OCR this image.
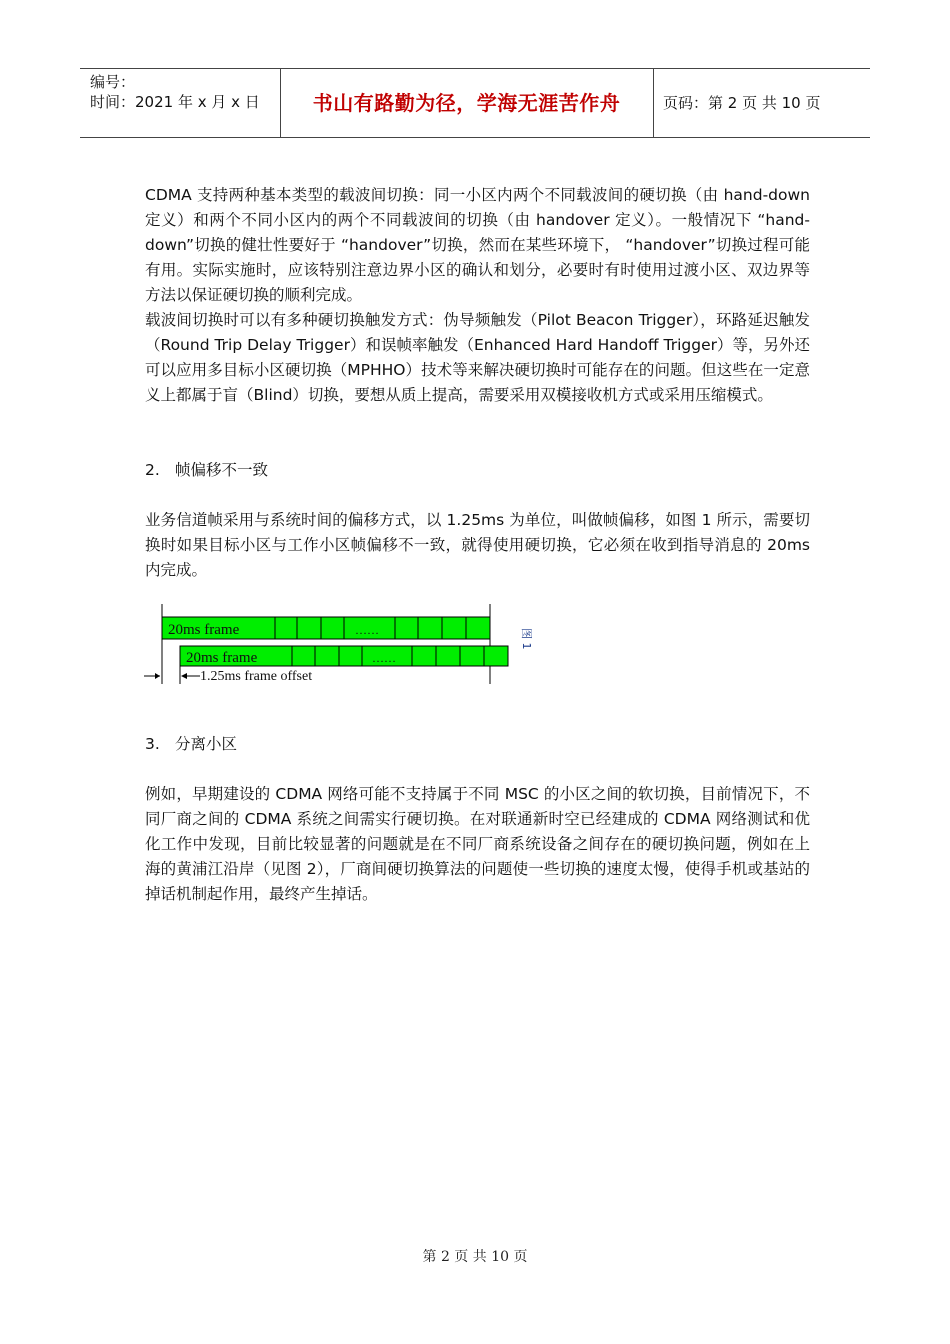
编号：
时间：2021 年 x 月 x 日	书山有路勤为径，学海无涯苦作舟	页码：第 2 页 共 10 页
CDMA 支持两种基本类型的载波间切换：同一小区内两个不同载波间的硬切换（由 hand-down 定义）和两个不同小区内的两个不同载波间的切换（由 handover 定义）。一般情况下 “hand-down”切换的健壮性要好于 “handover”切换，然而在某些环境下， “handover”切换过程可能有用。实际实施时，应该特别注意边界小区的确认和划分，必要时有时使用过渡小区、双边界等方法以保证硬切换的顺利完成。
载波间切换时可以有多种硬切换触发方式：伪导频触发（Pilot Beacon Trigger），环路延迟触发（Round Trip Delay Trigger）和误帧率触发（Enhanced Hard Handoff Trigger）等，另外还可以应用多目标小区硬切换（MPHHO）技术等来解决硬切换时可能存在的问题。但这些在一定意义上都属于盲（Blind）切换，要想从质上提高，需要采用双模接收机方式或采用压缩模式。
2. 帧偏移不一致
业务信道帧采用与系统时间的偏移方式，以 1.25ms 为单位，叫做帧偏移，如图 1 所示，需要切换时如果目标小区与工作小区帧偏移不一致，就得使用硬切换，它必须在收到指导消息的 20ms 内完成。
20ms frame	……
20ms frame	……
1.25ms frame offset
图 1
3. 分离小区
例如，早期建设的 CDMA 网络可能不支持属于不同 MSC 的小区之间的软切换，目前情况下，不同厂商之间的 CDMA 系统之间需实行硬切换。在对联通新时空已经建成的 CDMA 网络测试和优化工作中发现，目前比较显著的问题就是在不同厂商系统设备之间存在的硬切换问题，例如在上海的黄浦江沿岸（见图 2），厂商间硬切换算法的问题使一些切换的速度太慢，使得手机或基站的掉话机制起作用，最终产生掉话。
第 2 页 共 10 页
